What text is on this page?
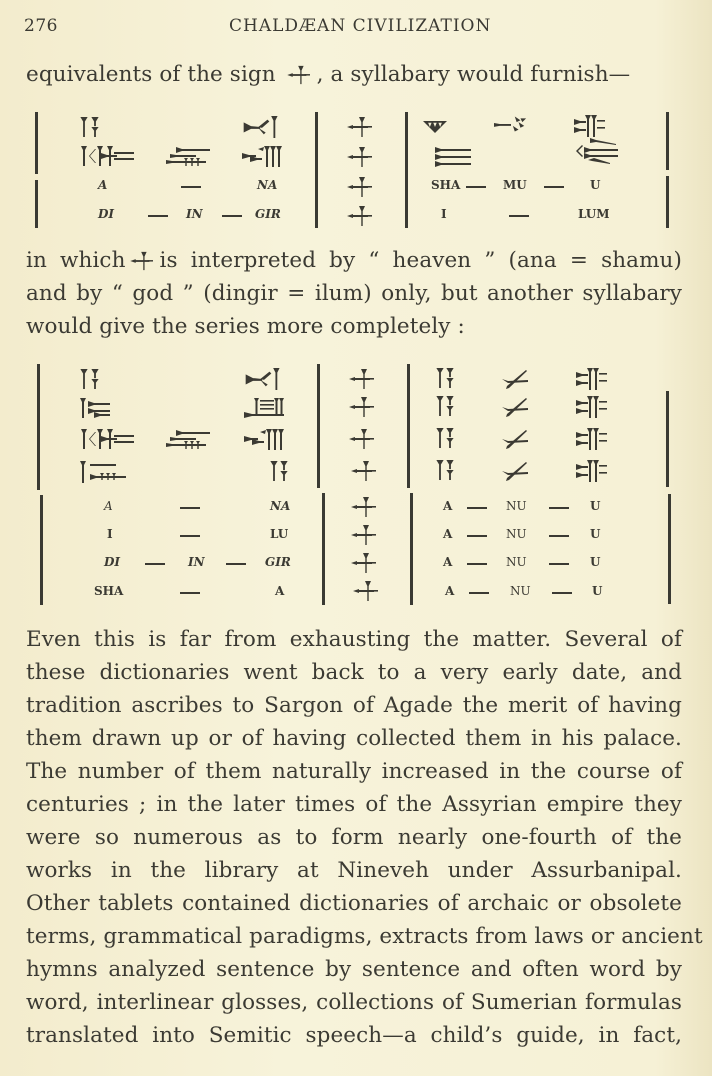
276	CHALDÆAN CIVILIZATION
equivalents of the sign , a syllabary would furnish—
A	NA	SHA	MU	U
DI	IN	GIR	I	LUM
in which is interpreted by “ heaven ” (ana = shamu)
and by “ god ” (dingir = ilum) only, but another syllabary
would give the series more completely :
A	NA	A	NU	U
I	LU	A	NU	U
DI	IN	GIR	A	NU	U
SHA	A	A	NU	U
Even this is far from exhausting the matter. Several of
these dictionaries went back to a very early date, and
tradition ascribes to Sargon of Agade the merit of having
them drawn up or of having collected them in his palace.
The number of them naturally increased in the course of
centuries ; in the later times of the Assyrian empire they
were so numerous as to form nearly one-fourth of the
works in the library at Nineveh under Assurbanipal.
Other tablets contained dictionaries of archaic or obsolete
terms, grammatical paradigms, extracts from laws or ancient
hymns analyzed sentence by sentence and often word by
word, interlinear glosses, collections of Sumerian formulas
translated into Semitic speech—a child’s guide, in fact,
